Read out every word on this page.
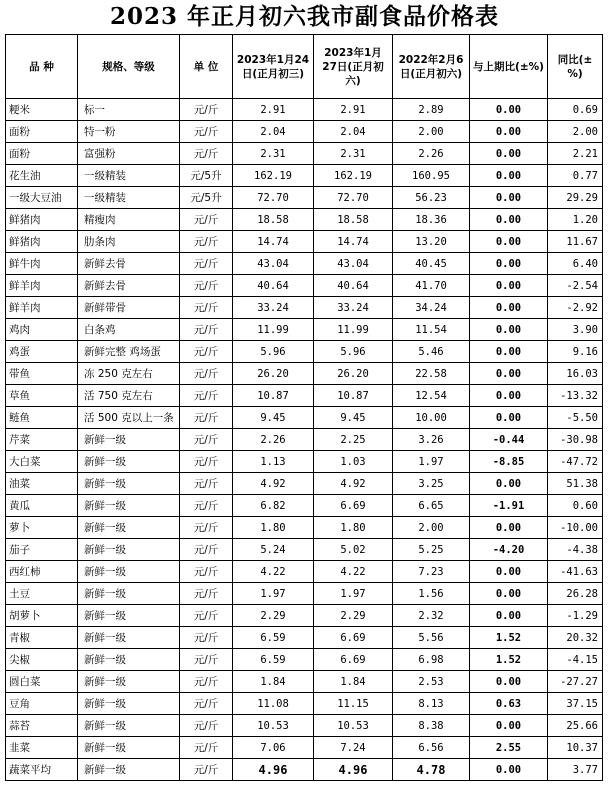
2023 年正月初六我市副食品价格表
品 种	规格、等级	单 位	2023年1月24日(正月初三)	2023年1月27日(正月初六)	2022年2月6日(正月初六)	与上期比(±%)	同比(±%)
粳米	标一	元/斤	2.91	2.91	2.89	0.00	0.69
面粉	特一粉	元/斤	2.04	2.04	2.00	0.00	2.00
面粉	富强粉	元/斤	2.31	2.31	2.26	0.00	2.21
花生油	一级精装	元/5升	162.19	162.19	160.95	0.00	0.77
一级大豆油	一级精装	元/5升	72.70	72.70	56.23	0.00	29.29
鲜猪肉	精瘦肉	元/斤	18.58	18.58	18.36	0.00	1.20
鲜猪肉	肋条肉	元/斤	14.74	14.74	13.20	0.00	11.67
鲜牛肉	新鲜去骨	元/斤	43.04	43.04	40.45	0.00	6.40
鲜羊肉	新鲜去骨	元/斤	40.64	40.64	41.70	0.00	-2.54
鲜羊肉	新鲜带骨	元/斤	33.24	33.24	34.24	0.00	-2.92
鸡肉	白条鸡	元/斤	11.99	11.99	11.54	0.00	3.90
鸡蛋	新鲜完整 鸡场蛋	元/斤	5.96	5.96	5.46	0.00	9.16
带鱼	冻 250 克左右	元/斤	26.20	26.20	22.58	0.00	16.03
草鱼	活 750 克左右	元/斤	10.87	10.87	12.54	0.00	-13.32
鲢鱼	活 500 克以上一条	元/斤	9.45	9.45	10.00	0.00	-5.50
芹菜	新鲜一级	元/斤	2.26	2.25	3.26	-0.44	-30.98
大白菜	新鲜一级	元/斤	1.13	1.03	1.97	-8.85	-47.72
油菜	新鲜一级	元/斤	4.92	4.92	3.25	0.00	51.38
黄瓜	新鲜一级	元/斤	6.82	6.69	6.65	-1.91	0.60
萝卜	新鲜一级	元/斤	1.80	1.80	2.00	0.00	-10.00
茄子	新鲜一级	元/斤	5.24	5.02	5.25	-4.20	-4.38
西红柿	新鲜一级	元/斤	4.22	4.22	7.23	0.00	-41.63
土豆	新鲜一级	元/斤	1.97	1.97	1.56	0.00	26.28
胡萝卜	新鲜一级	元/斤	2.29	2.29	2.32	0.00	-1.29
青椒	新鲜一级	元/斤	6.59	6.69	5.56	1.52	20.32
尖椒	新鲜一级	元/斤	6.59	6.69	6.98	1.52	-4.15
圆白菜	新鲜一级	元/斤	1.84	1.84	2.53	0.00	-27.27
豆角	新鲜一级	元/斤	11.08	11.15	8.13	0.63	37.15
蒜苔	新鲜一级	元/斤	10.53	10.53	8.38	0.00	25.66
韭菜	新鲜一级	元/斤	7.06	7.24	6.56	2.55	10.37
蔬菜平均	新鲜一级	元/斤	4.96	4.96	4.78	0.00	3.77
